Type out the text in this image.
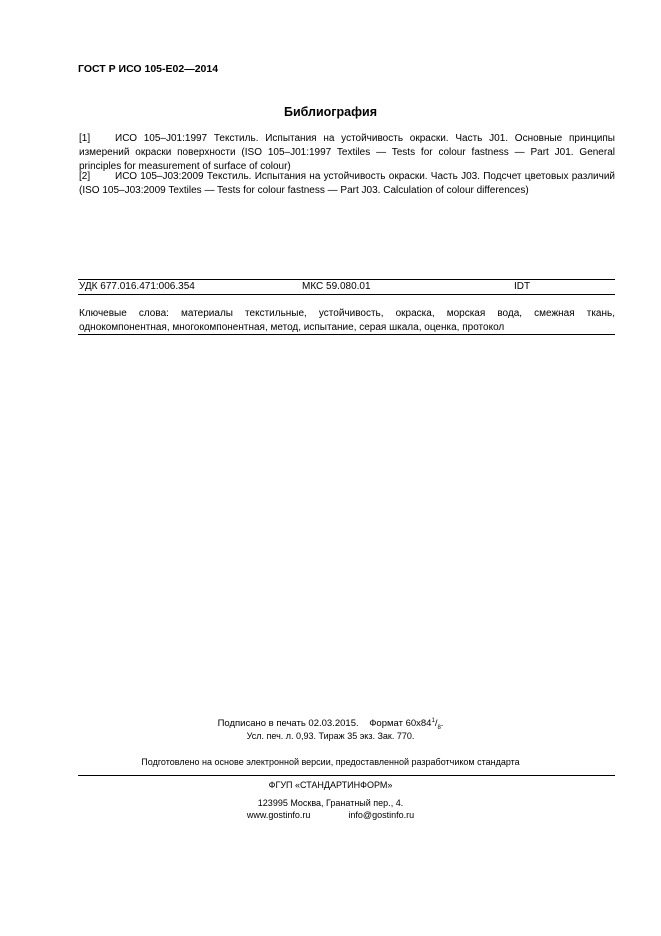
ГОСТ Р ИСО 105-E02—2014
Библиография
[1] ИСО 105–J01:1997 Текстиль. Испытания на устойчивость окраски. Часть J01. Основные принципы измерений окраски поверхности (ISO 105–J01:1997 Textiles — Tests for colour fastness — Part J01. General principles for measurement of surface of colour)
[2] ИСО 105–J03:2009 Текстиль. Испытания на устойчивость окраски. Часть J03. Подсчет цветовых различий (ISO 105–J03:2009 Textiles — Tests for colour fastness — Part J03. Calculation of colour differences)
УДК 677.016.471:006.354	МКС 59.080.01	IDT
Ключевые слова: материалы текстильные, устойчивость, окраска, морская вода, смежная ткань, однокомпонентная, многокомпонентная, метод, испытание, серая шкала, оценка, протокол
Подписано в печать 02.03.2015. Формат $60x84^1/_8$.
Усл. печ. л. 0,93. Тираж 35 экз. Зак. 770.
Подготовлено на основе электронной версии, предоставленной разработчиком стандарта
ФГУП «СТАНДАРТИНФОРМ»
123995 Москва, Гранатный пер., 4.
www.gostinfo.ru	info@gostinfo.ru
